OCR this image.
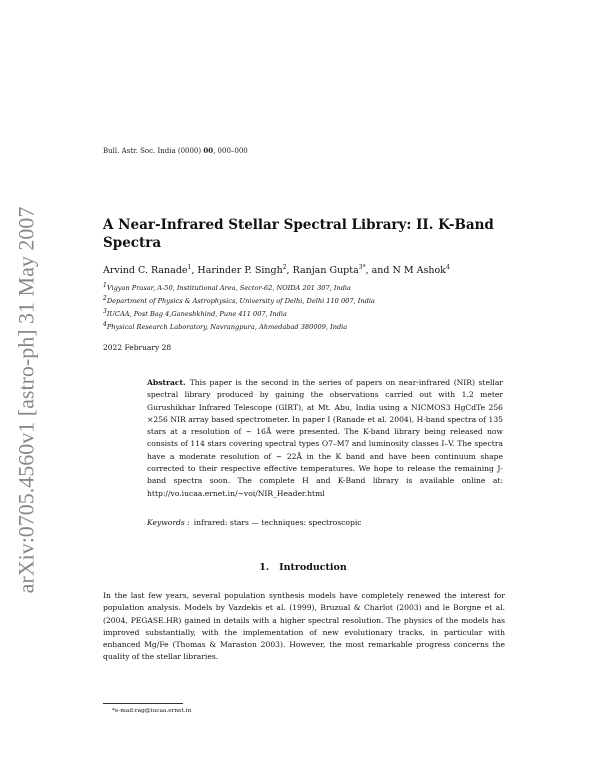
arXiv:0705.4560v1 [astro-ph] 31 May 2007
Bull. Astr. Soc. India (0000) 00, 000–000
A Near-Infrared Stellar Spectral Library: II. K-Band Spectra
Arvind C. Ranade$^1$, Harinder P. Singh$^2$, Ranjan Gupta$^{3*}$, and N M Ashok$^4$
$^1$Vigyan Prasar, A-50, Institutional Area, Sector-62, NOIDA 201 307, India
$^2$Department of Physics & Astrophysics, University of Delhi, Delhi 110 007, India
$^3$IUCAA, Post Bag 4,Ganeshkhind, Pune 411 007, India
$^4$Physical Research Laboratory, Navrangpura, Ahmedabad 380009, India
2022 February 28
Abstract. This paper is the second in the series of papers on near-infrared (NIR) stellar spectral library produced by gaining the observations carried out with 1.2 meter Gurushikhar Infrared Telescope (GIRT), at Mt. Abu, India using a NICMOS3 HgCdTe 256 ×256 NIR array based spectrometer. In paper I (Ranade et al. 2004), H-band spectra of 135 stars at a resolution of ∼ 16Å were presented. The K-band library being released now consists of 114 stars covering spectral types O7–M7 and luminosity classes I–V. The spectra have a moderate resolution of ∼ 22Å in the K band and have been continuum shape corrected to their respective effective temperatures. We hope to release the remaining J-band spectra soon. The complete H and K-Band library is available online at: http://vo.iucaa.ernet.in/∼voi/NIR_Header.html
Keywords : infrared: stars — techniques: spectroscopic
1. Introduction
In the last few years, several population synthesis models have completely renewed the interest for population analysis. Models by Vazdekis et al. (1999), Bruzual & Charlot (2003) and le Borgne et al. (2004, PEGASE.HR) gained in details with a higher spectral resolution. The physics of the models has improved substantially, with the implementation of new evolutionary tracks, in particular with enhanced Mg/Fe (Thomas & Maraston 2003). However, the most remarkable progress concerns the quality of the stellar libraries.
*e-mail:rag@iucaa.ernet.in
